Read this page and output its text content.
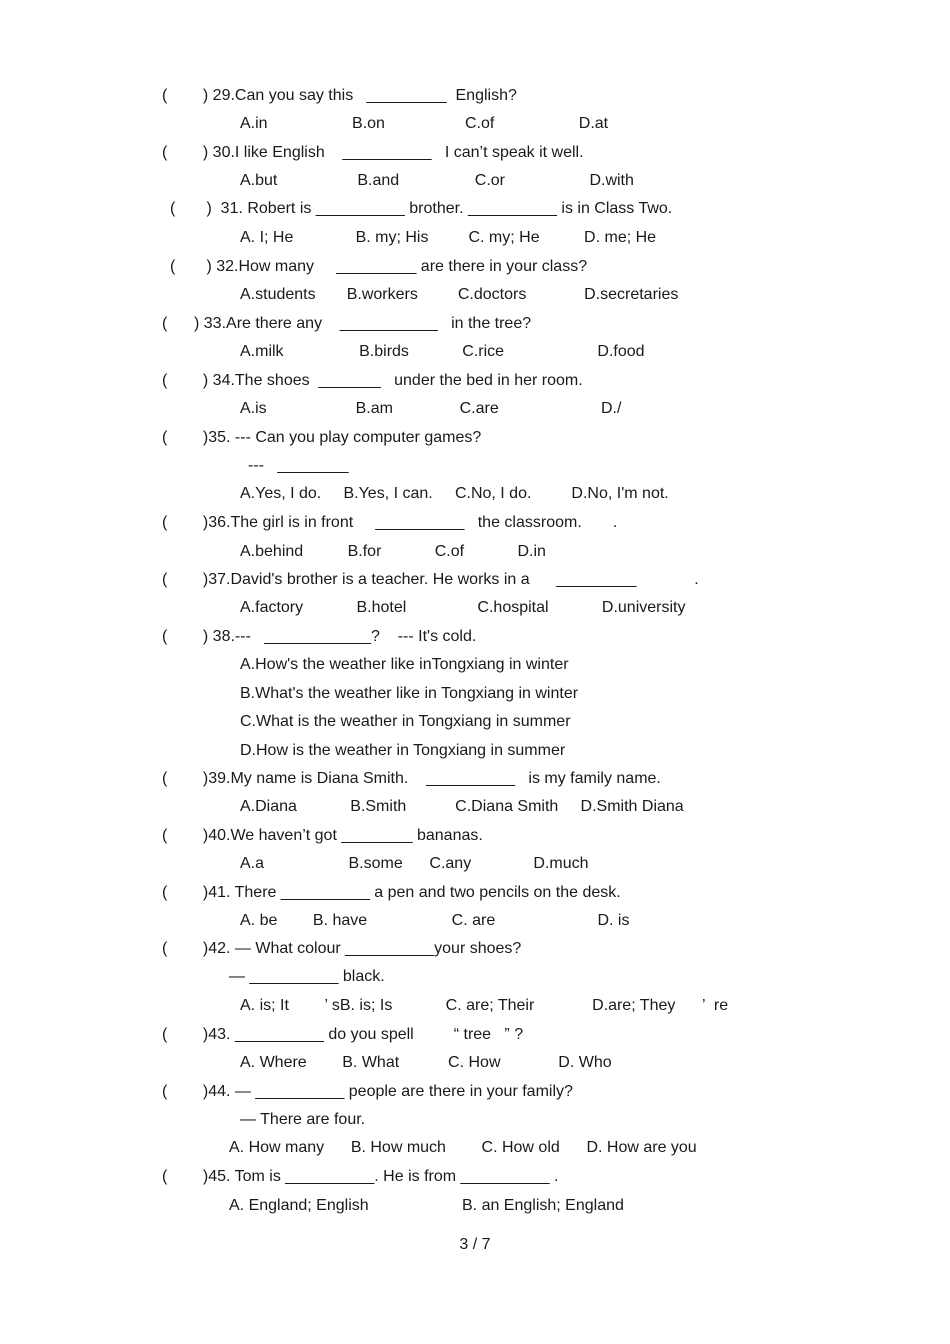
(        ) 29.Can you say this   _________  English?
A.in                   B.on                  C.of                   D.at
(        ) 30.I like English    __________   I can’t speak it well.
A.but                  B.and                 C.or                   D.with
(       )  31. Robert is __________ brother. __________ is in Class Two.
A. I; He              B. my; His         C. my; He          D. me; He
(       ) 32.How many     _________ are there in your class?
A.students       B.workers         C.doctors             D.secretaries
(      ) 33.Are there any    ___________   in the tree?
A.milk                 B.birds            C.rice                     D.food
(        ) 34.The shoes  _______   under the bed in her room.
A.is                    B.am               C.are                       D./
(        )35. --- Can you play computer games?
---   ________
A.Yes, I do.     B.Yes, I can.     C.No, I do.         D.No, I'm not.
(        )36.The girl is in front     __________   the classroom.       .
A.behind          B.for            C.of            D.in
(        )37.David's brother is a teacher. He works in a      _________             .
A.factory            B.hotel                C.hospital            D.university
(        ) 38.---   ____________?    --- It's cold.
A.How's the weather like inTongxiang in winter
B.What's the weather like in Tongxiang in winter
C.What is the weather in Tongxiang in summer
D.How is the weather in Tongxiang in summer
(        )39.My name is Diana Smith.    __________   is my family name.
A.Diana            B.Smith           C.Diana Smith     D.Smith Diana
(        )40.We haven’t got ________ bananas.
A.a                   B.some      C.any              D.much
(        )41. There __________ a pen and two pencils on the desk.
A. be        B. have                   C. are                       D. is
(        )42. — What colour __________your shoes?
— __________ black.
A. is; It        ’ sB. is; Is            C. are; Their             D.are; They      ’  re
(        )43. __________ do you spell         “ tree   ” ?
A. Where        B. What           C. How             D. Who
(        )44. — __________ people are there in your family?
— There are four.
A. How many      B. How much        C. How old      D. How are you
(        )45. Tom is __________. He is from __________ .
A. England; English                     B. an English; England
3 / 7
